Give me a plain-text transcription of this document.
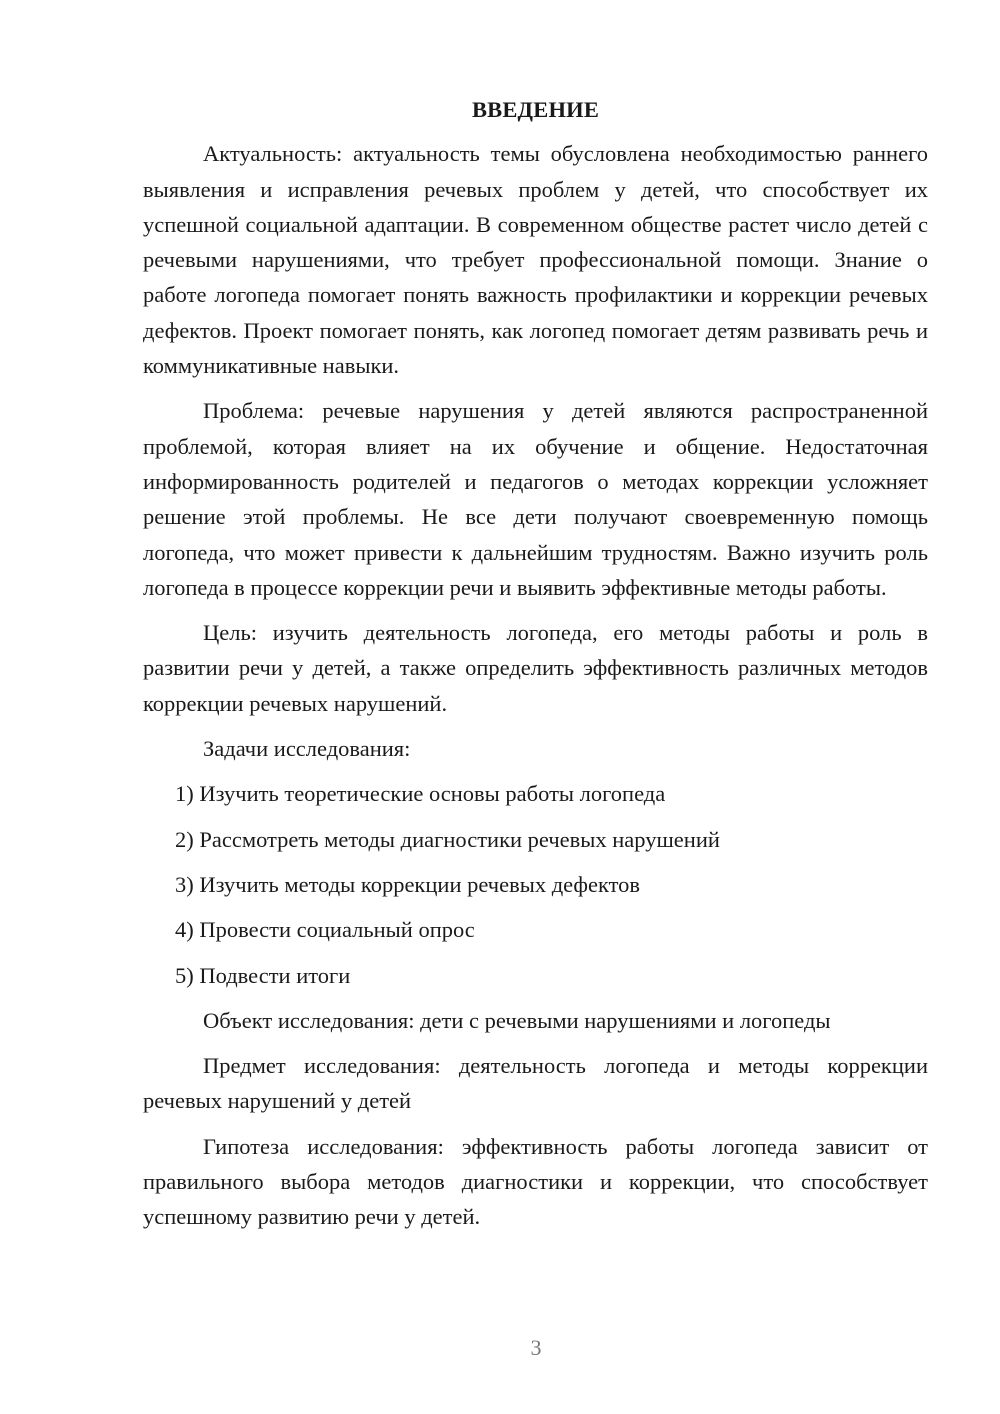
ВВЕДЕНИЕ

Актуальность: актуальность темы обусловлена необходимостью раннего выявления и исправления речевых проблем у детей, что способствует их успешной социальной адаптации. В современном обществе растет число детей с речевыми нарушениями, что требует профессиональной помощи. Знание о работе логопеда помогает понять важность профилактики и коррекции речевых дефектов. Проект помогает понять, как логопед помогает детям развивать речь и коммуникативные навыки.

Проблема: речевые нарушения у детей являются распространенной проблемой, которая влияет на их обучение и общение. Недостаточная информированность родителей и педагогов о методах коррекции усложняет решение этой проблемы. Не все дети получают своевременную помощь логопеда, что может привести к дальнейшим трудностям. Важно изучить роль логопеда в процессе коррекции речи и выявить эффективные методы работы.

Цель: изучить деятельность логопеда, его методы работы и роль в развитии речи у детей, а также определить эффективность различных методов коррекции речевых нарушений.

Задачи исследования:

1) Изучить теоретические основы работы логопеда

2) Рассмотреть методы диагностики речевых нарушений

3) Изучить методы коррекции речевых дефектов

4) Провести социальный опрос

5) Подвести итоги

Объект исследования: дети с речевыми нарушениями и логопеды

Предмет исследования: деятельность логопеда и методы коррекции речевых нарушений у детей

Гипотеза исследования: эффективность работы логопеда зависит от правильного выбора методов диагностики и коррекции, что способствует успешному развитию речи у детей.

3
